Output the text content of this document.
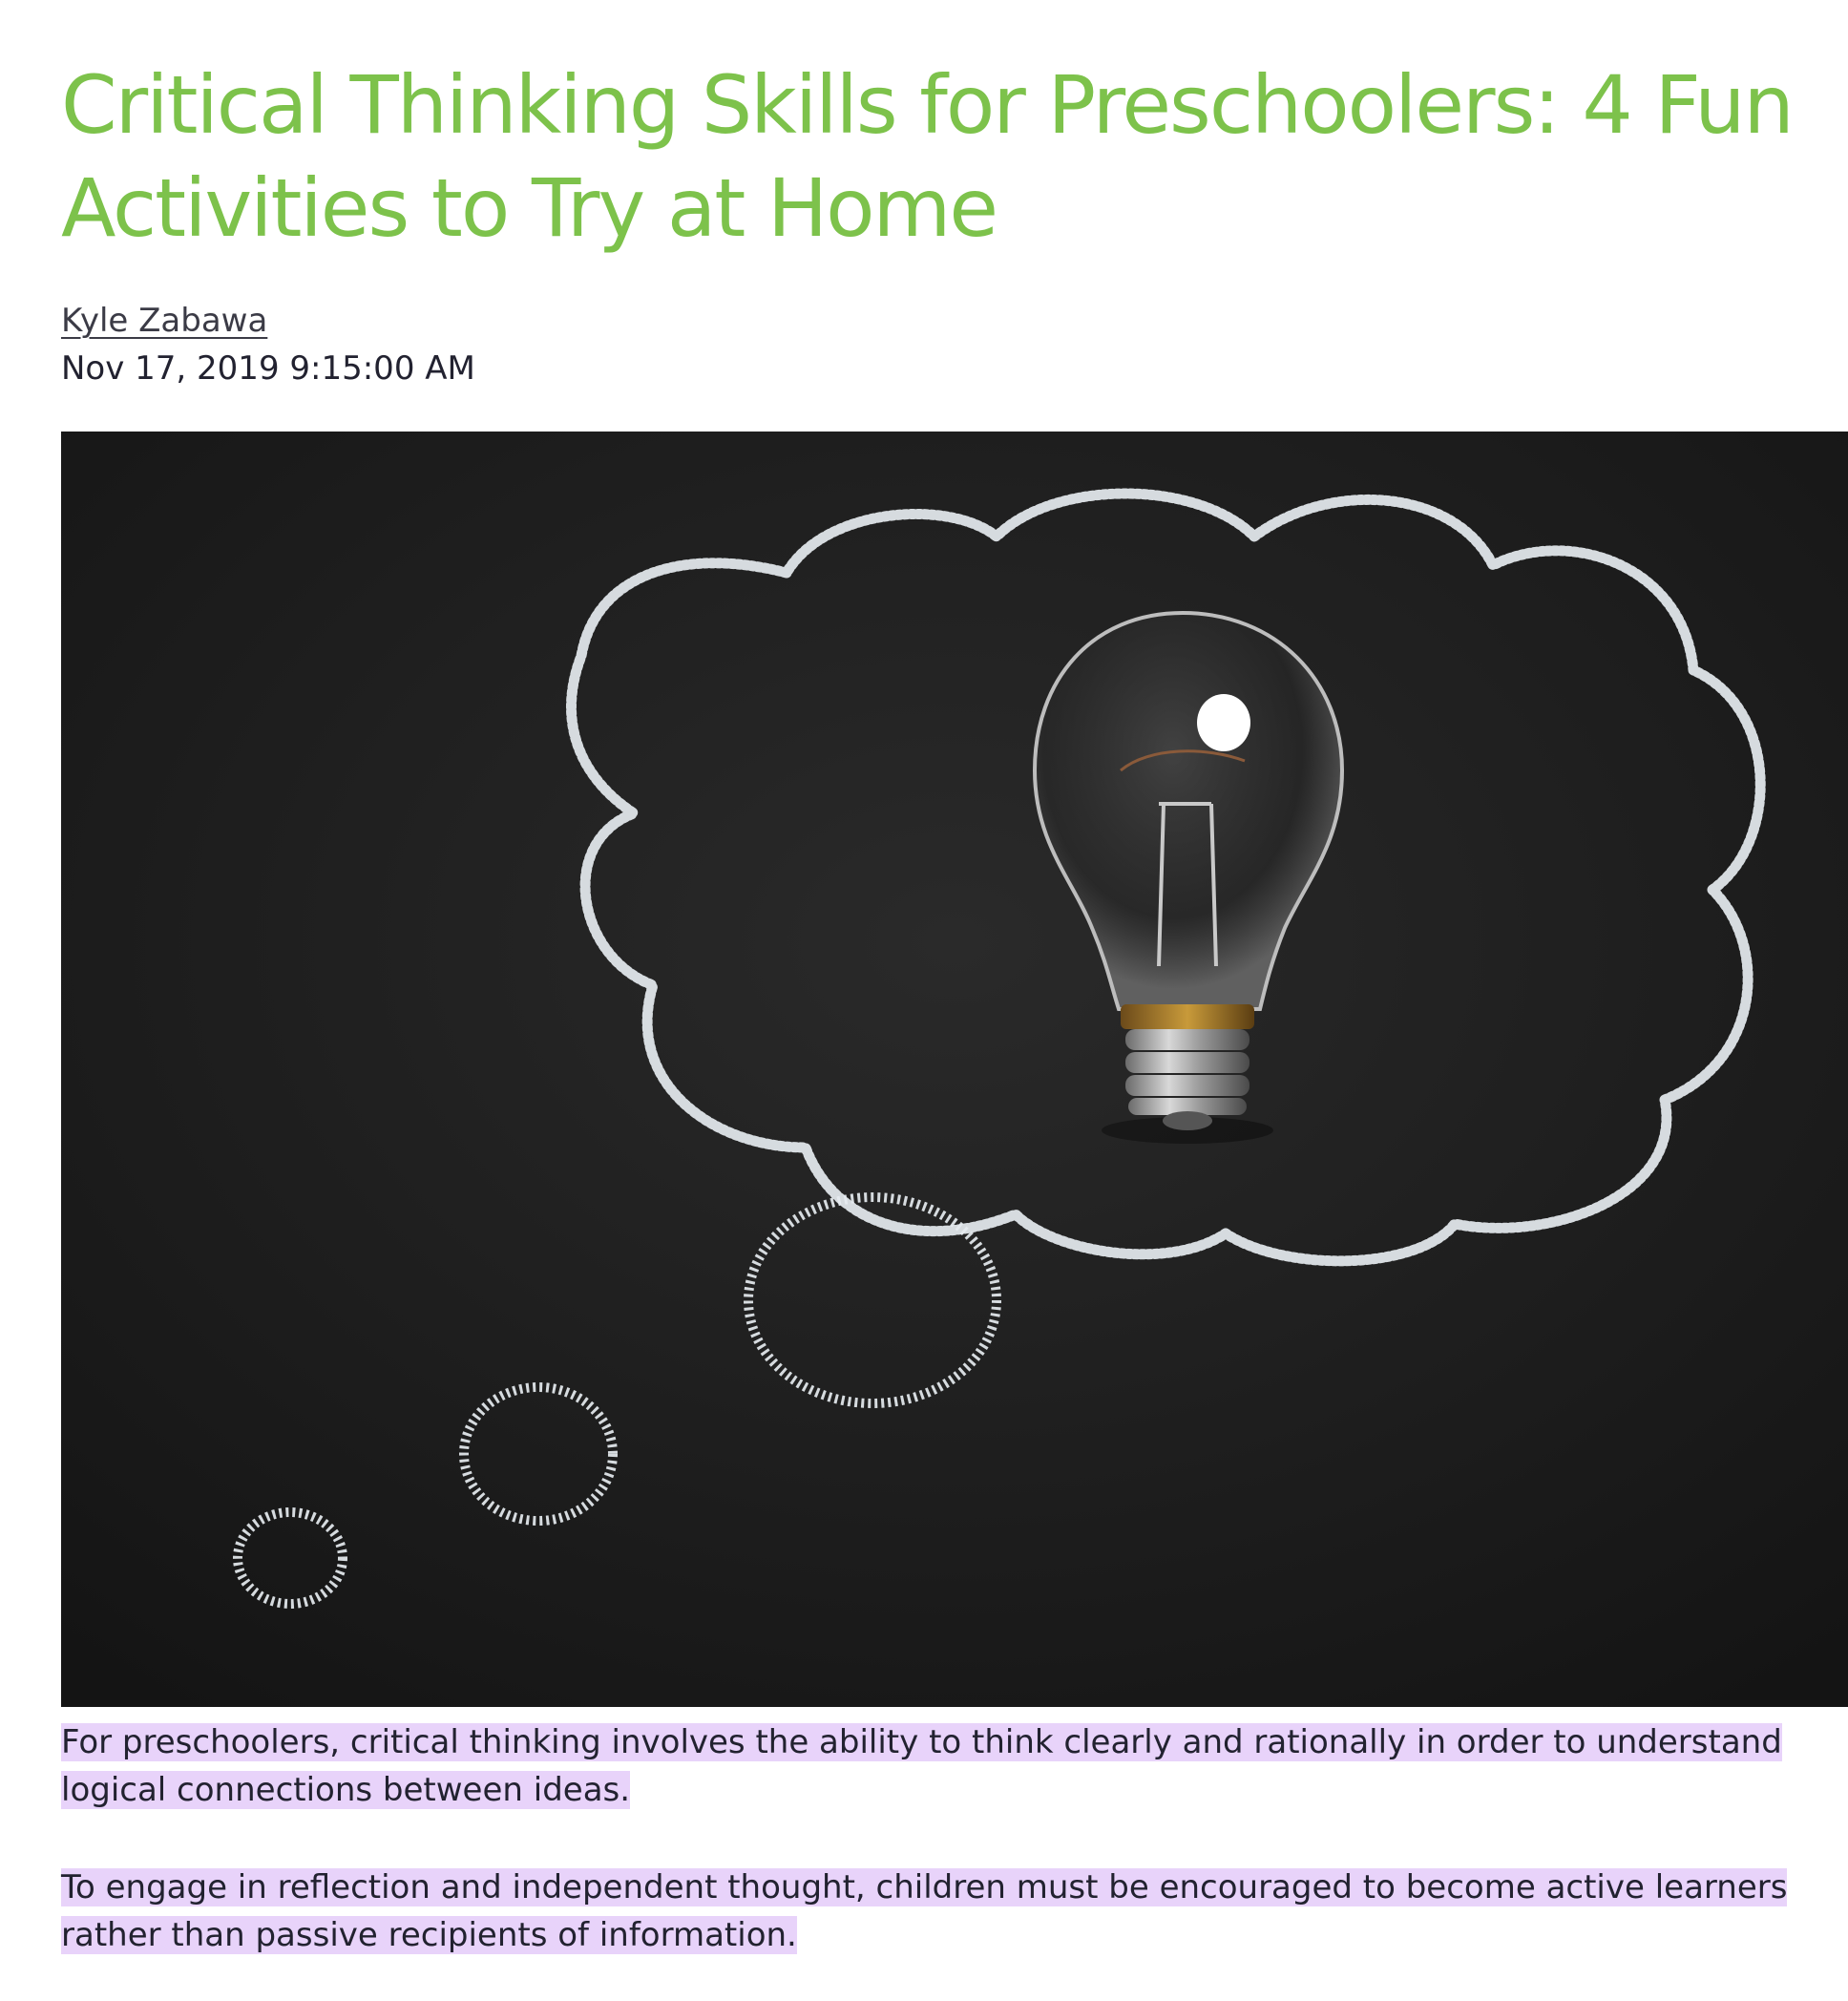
Critical Thinking Skills for Preschoolers: 4 Fun Activities to Try at Home
Kyle Zabawa
Nov 17, 2019 9:15:00 AM

For preschoolers, critical thinking involves the ability to think clearly and rationally in order to understand logical connections between ideas.

To engage in reflection and independent thought, children must be encouraged to become active learners rather than passive recipients of information.
